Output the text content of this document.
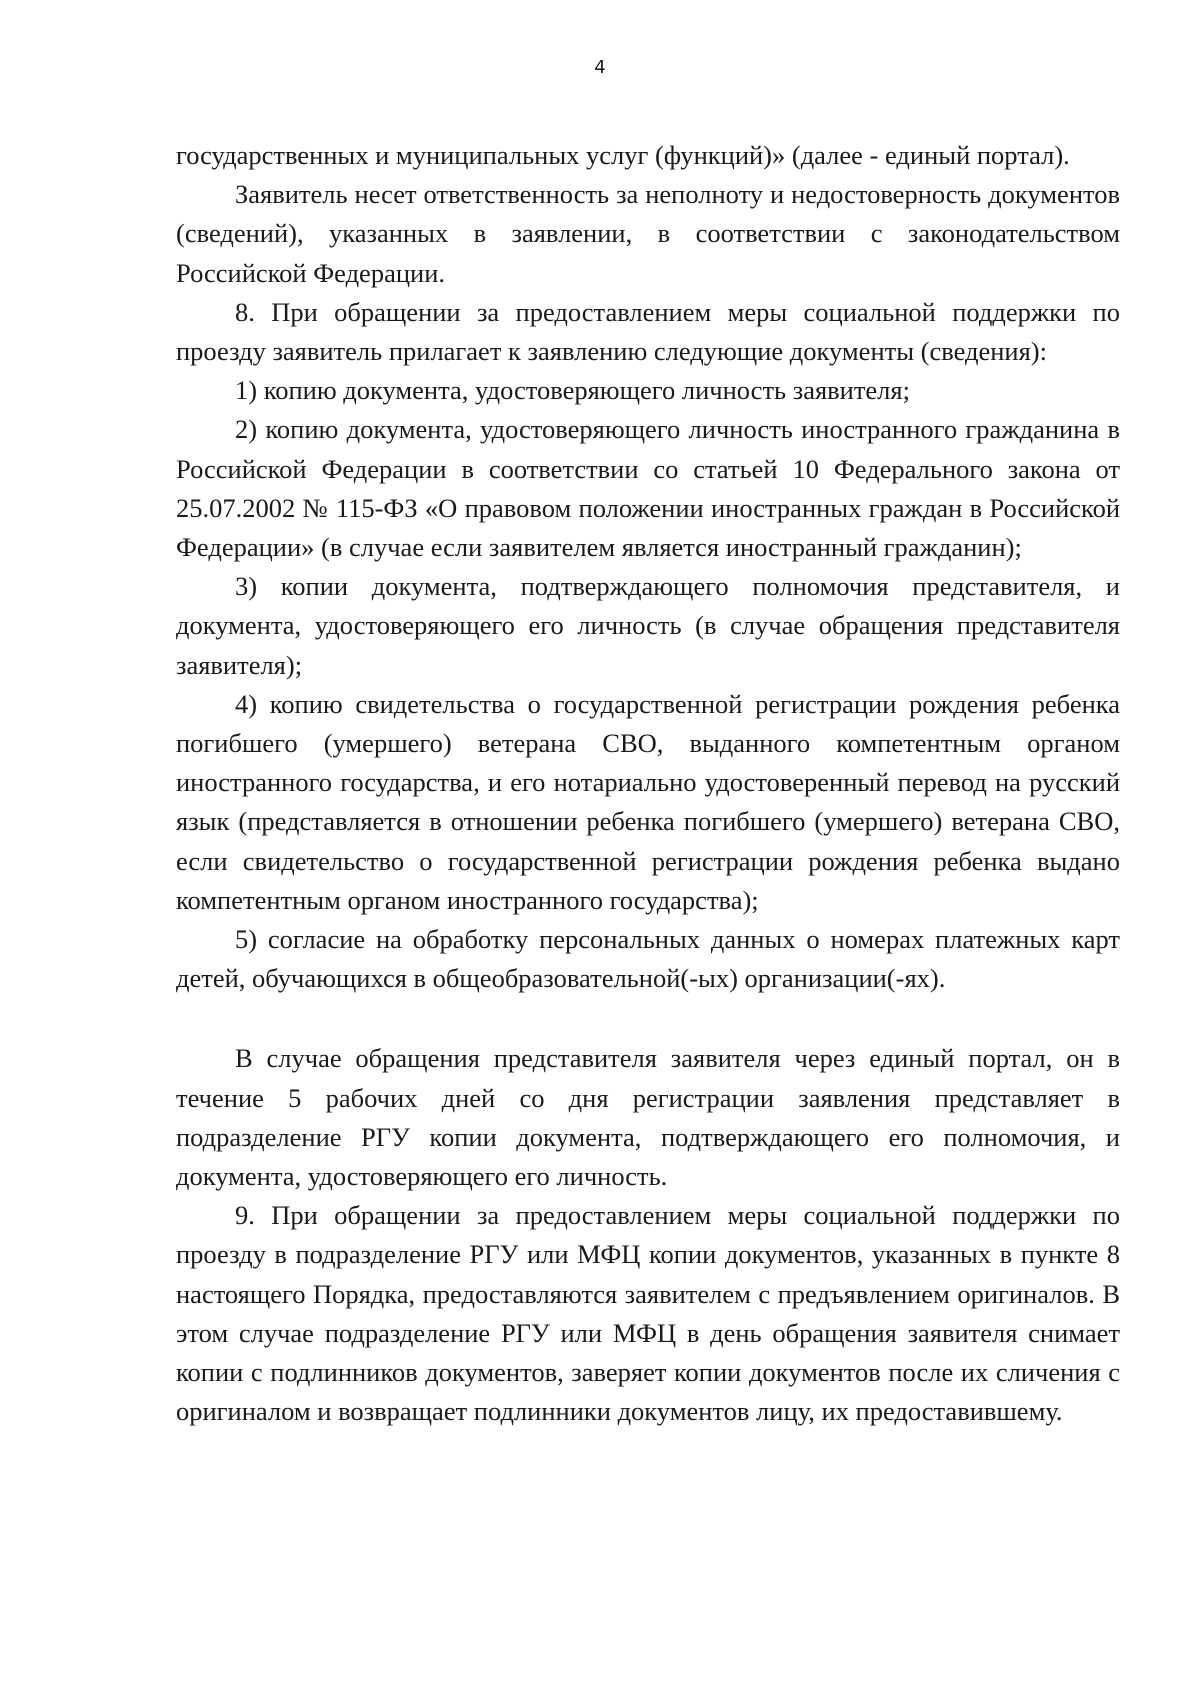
4

государственных и муниципальных услуг (функций)» (далее - единый портал).

Заявитель несет ответственность за неполноту и недостоверность документов (сведений), указанных в заявлении, в соответствии с законодательством Российской Федерации.

8. При обращении за предоставлением меры социальной поддержки по проезду заявитель прилагает к заявлению следующие документы (сведения):

1) копию документа, удостоверяющего личность заявителя;

2) копию документа, удостоверяющего личность иностранного гражданина в Российской Федерации в соответствии со статьей 10 Федерального закона от 25.07.2002 № 115-ФЗ «О правовом положении иностранных граждан в Российской Федерации» (в случае если заявителем является иностранный гражданин);

3) копии документа, подтверждающего полномочия представителя, и документа, удостоверяющего его личность (в случае обращения представителя заявителя);

4) копию свидетельства о государственной регистрации рождения ребенка погибшего (умершего) ветерана СВО, выданного компетентным органом иностранного государства, и его нотариально удостоверенный перевод на русский язык (представляется в отношении ребенка погибшего (умершего) ветерана СВО, если свидетельство о государственной регистрации рождения ребенка выдано компетентным органом иностранного государства);

5) согласие на обработку персональных данных о номерах платежных карт детей, обучающихся в общеобразовательной(-ых) организации(-ях).

В случае обращения представителя заявителя через единый портал, он в течение 5 рабочих дней со дня регистрации заявления представляет в подразделение РГУ копии документа, подтверждающего его полномочия, и документа, удостоверяющего его личность.

9. При обращении за предоставлением меры социальной поддержки по проезду в подразделение РГУ или МФЦ копии документов, указанных в пункте 8 настоящего Порядка, предоставляются заявителем с предъявлением оригиналов. В этом случае подразделение РГУ или МФЦ в день обращения заявителя снимает копии с подлинников документов, заверяет копии документов после их сличения с оригиналом и возвращает подлинники документов лицу, их предоставившему.
